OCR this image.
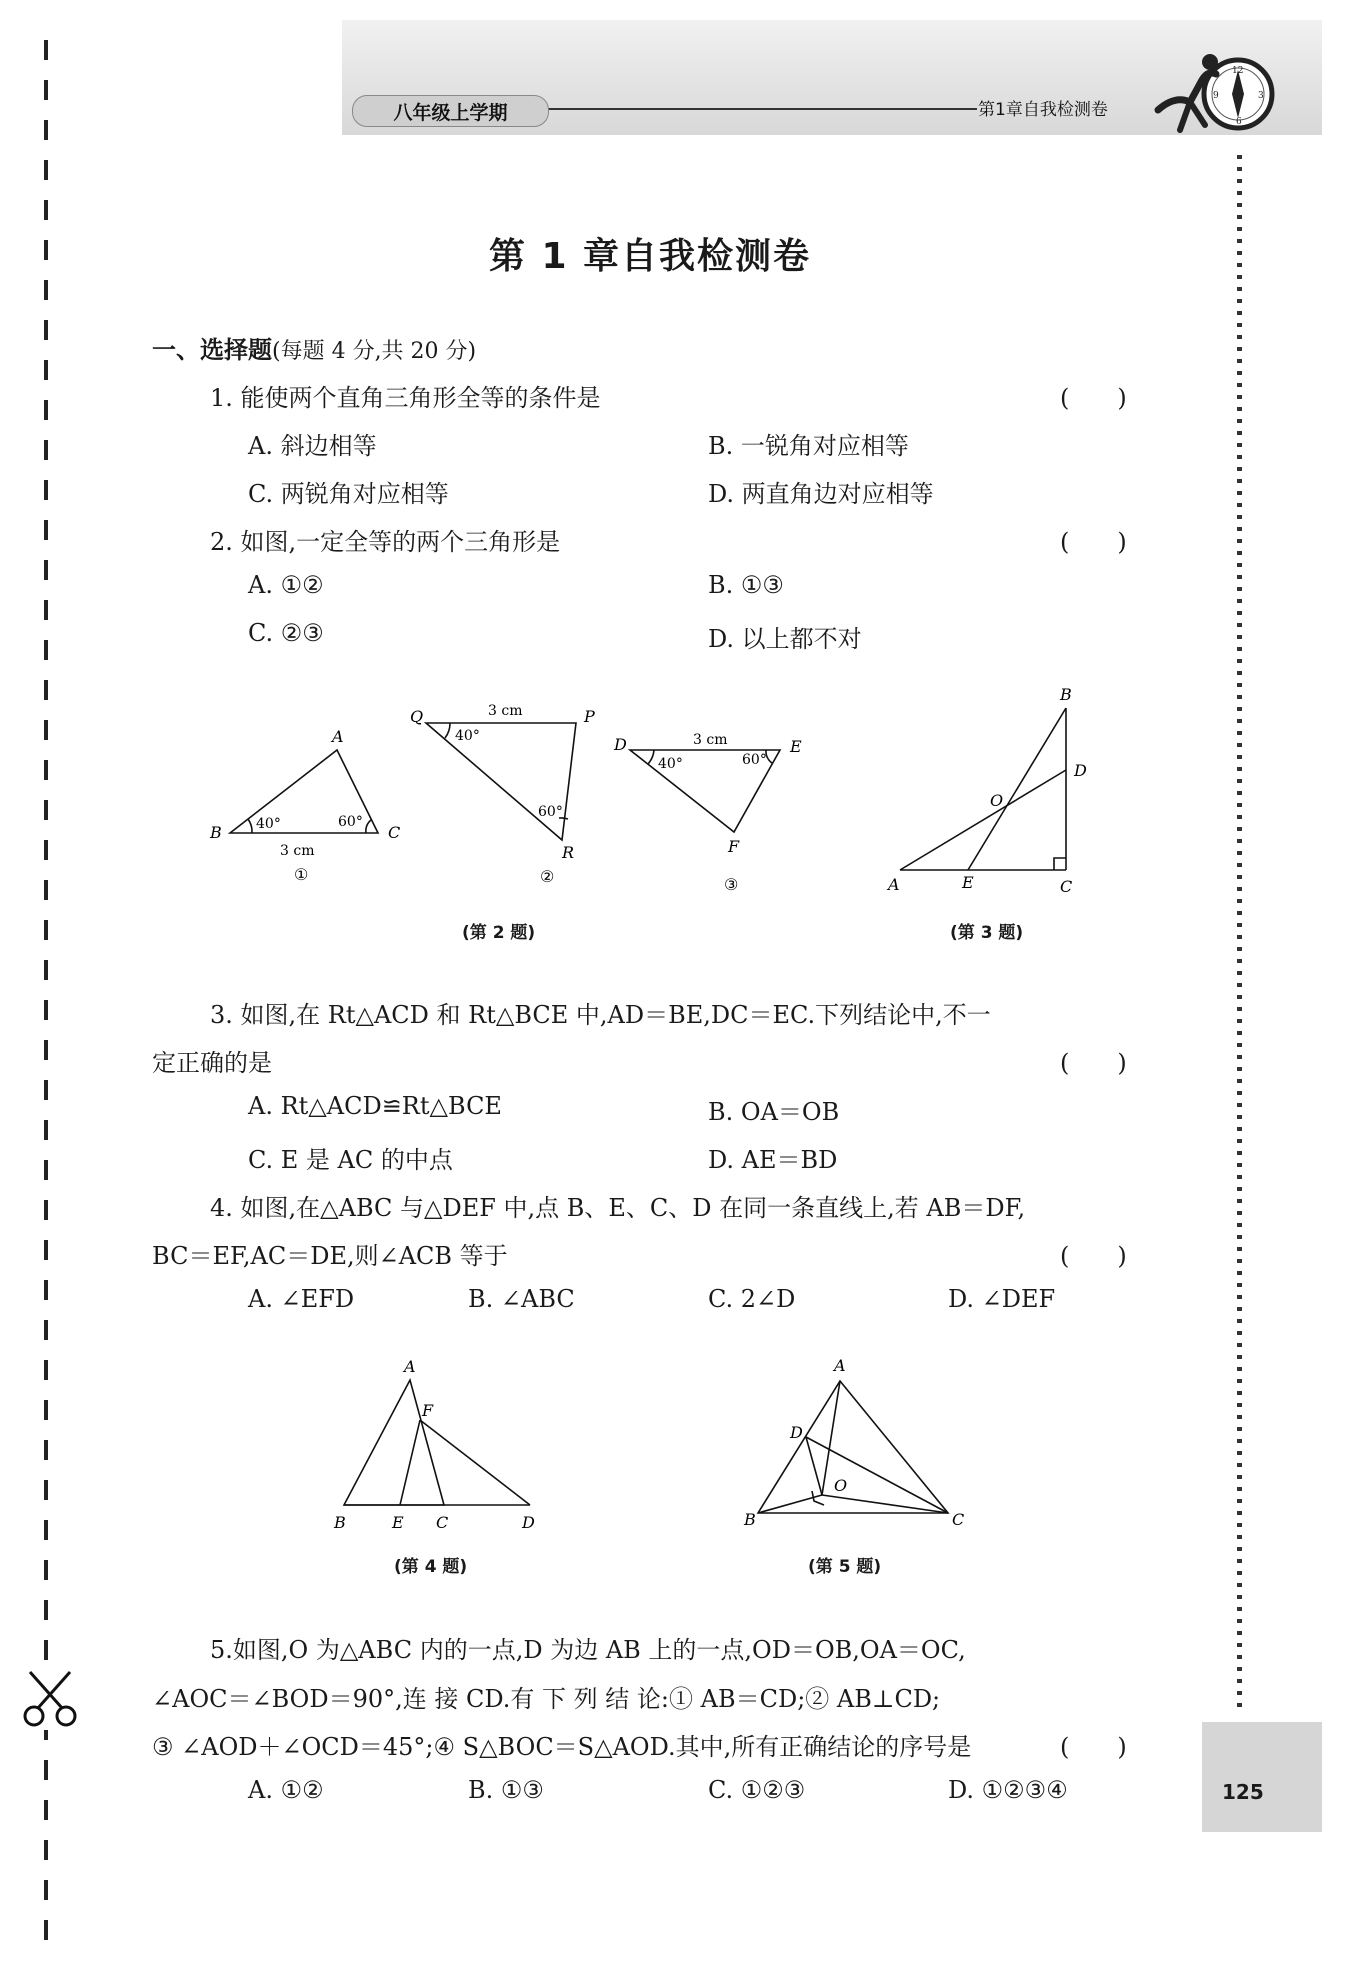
八年级上学期	第1章自我检测卷
12
3
6
9
第 1 章自我检测卷
一、选择题(每题 4 分,共 20 分)
1. 能使两个直角三角形全等的条件是	(　　)
A. 斜边相等	B. 一锐角对应相等
C. 两锐角对应相等	D. 两直角边对应相等
2. 如图,一定全等的两个三角形是	(　　)
A. ①②	B. ①③
C. ②③	D. 以上都不对
A
B	C
40°	60°
3 cm
①
Q	P
R
40°
60°
3 cm
②
D	E
F
40°	60°
3 cm
③
(第 2 题)
B
D
O
A	E	C
(第 3 题)
3. 如图,在 Rt△ACD 和 Rt△BCE 中,AD＝BE,DC＝EC.下列结论中,不一
定正确的是	(　　)
A. Rt△ACD≌Rt△BCE	B. OA＝OB
C. E 是 AC 的中点	D. AE＝BD
4. 如图,在△ABC 与△DEF 中,点 B、E、C、D 在同一条直线上,若 AB＝DF,
BC＝EF,AC＝DE,则∠ACB 等于	(　　)
A. ∠EFD	B. ∠ABC	C. 2∠D	D. ∠DEF
A
F
B	E C	D
(第 4 题)
A
D
O
B	C
(第 5 题)
5.如图,O 为△ABC 内的一点,D 为边 AB 上的一点,OD＝OB,OA＝OC,
∠AOC＝∠BOD＝90°,连 接 CD.有 下 列 结 论:① AB＝CD;② AB⊥CD;
③ ∠AOD＋∠OCD＝45°;④ S△BOC＝S△AOD.其中,所有正确结论的序号是	(　　)
A. ①②	B. ①③	C. ①②③	D. ①②③④	125
